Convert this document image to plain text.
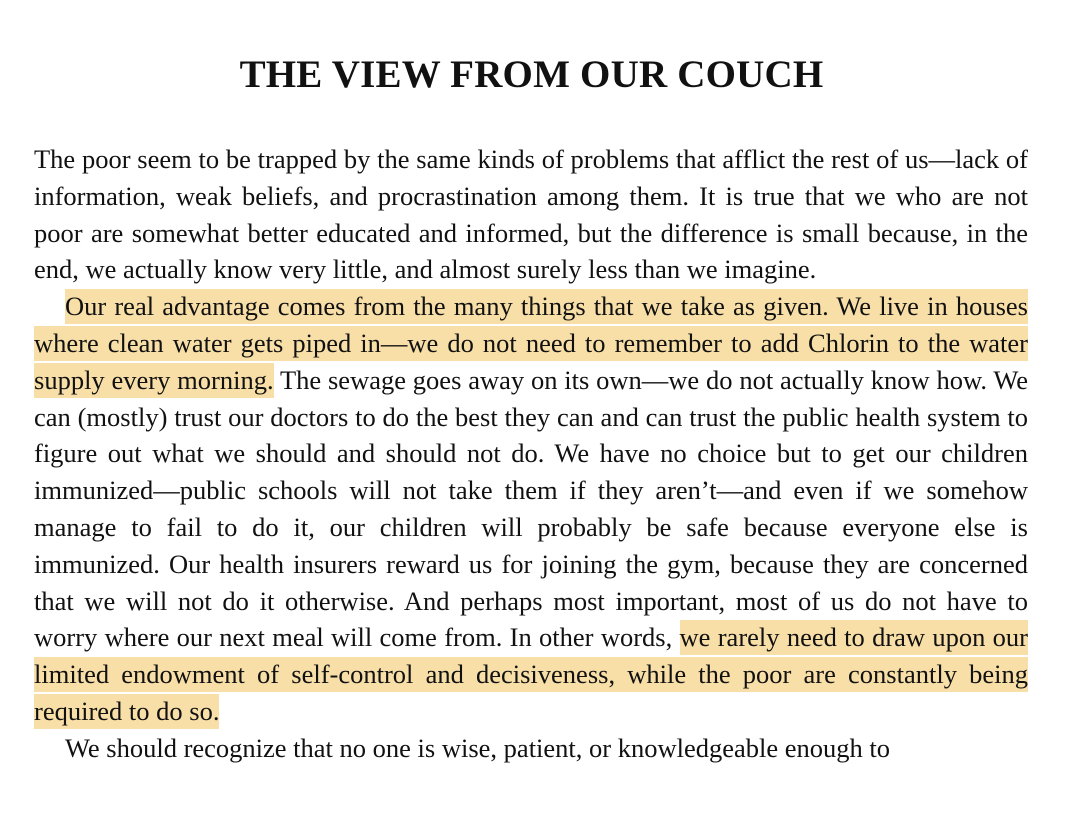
THE VIEW FROM OUR COUCH

The poor seem to be trapped by the same kinds of problems that afflict the rest of us—lack of information, weak beliefs, and procrastination among them. It is true that we who are not poor are somewhat better educated and informed, but the difference is small because, in the end, we actually know very little, and almost surely less than we imagine.

Our real advantage comes from the many things that we take as given. We live in houses where clean water gets piped in—we do not need to remember to add Chlorin to the water supply every morning. The sewage goes away on its own—we do not actually know how. We can (mostly) trust our doctors to do the best they can and can trust the public health system to figure out what we should and should not do. We have no choice but to get our children immunized—public schools will not take them if they aren’t—and even if we somehow manage to fail to do it, our children will probably be safe because everyone else is immunized. Our health insurers reward us for joining the gym, because they are concerned that we will not do it otherwise. And perhaps most important, most of us do not have to worry where our next meal will come from. In other words, we rarely need to draw upon our limited endowment of self-control and decisiveness, while the poor are constantly being required to do so.

We should recognize that no one is wise, patient, or knowledgeable enough to
